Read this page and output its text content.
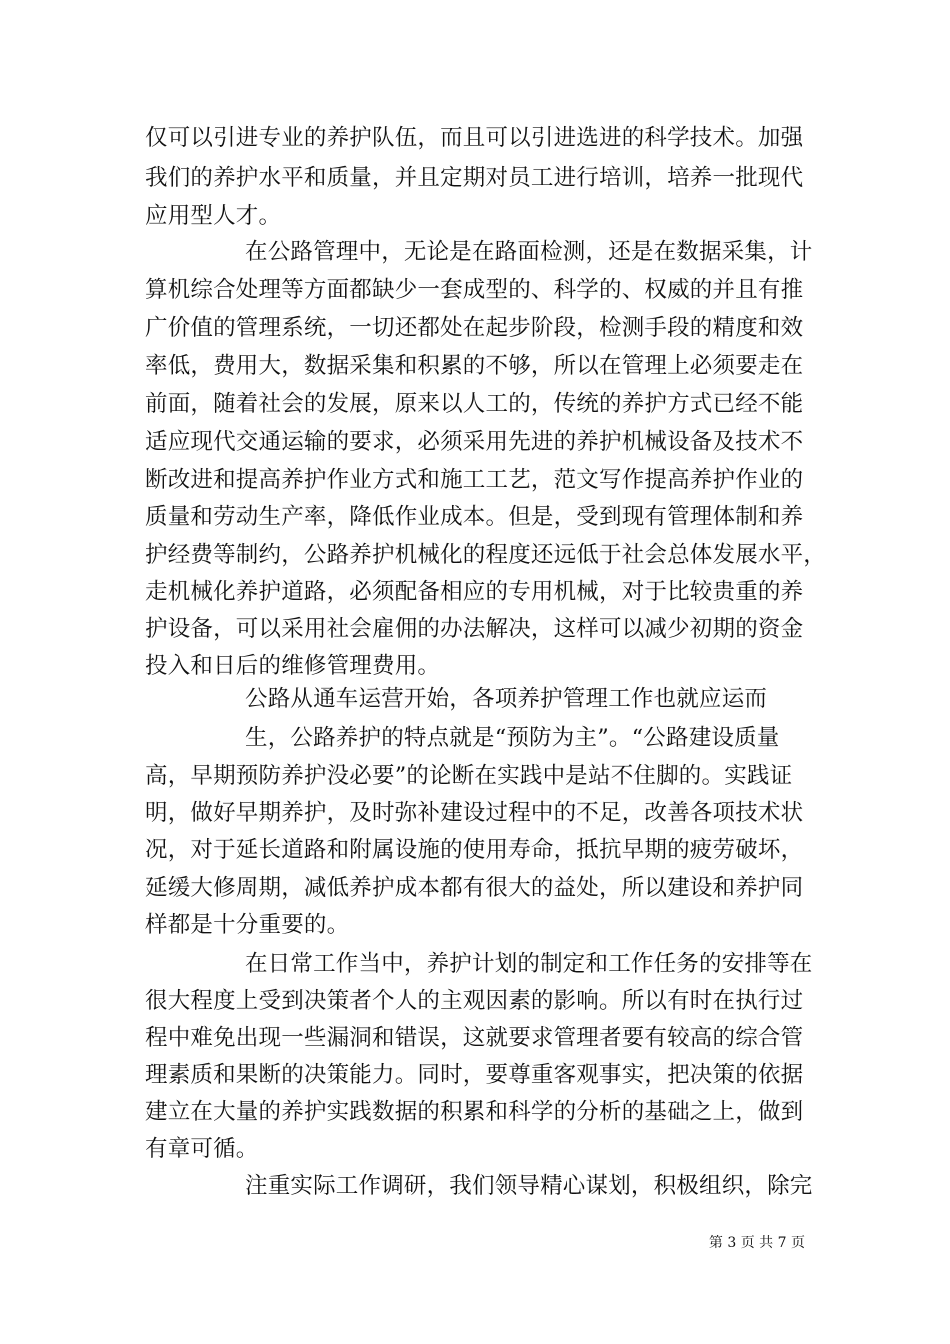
仅可以引进专业的养护队伍，而且可以引进选进的科学技术。加强
我们的养护水平和质量，并且定期对员工进行培训，培养一批现代
应用型人才。
在公路管理中，无论是在路面检测，还是在数据采集，计
算机综合处理等方面都缺少一套成型的、科学的、权威的并且有推
广价值的管理系统，一切还都处在起步阶段，检测手段的精度和效
率低，费用大，数据采集和积累的不够，所以在管理上必须要走在
前面，随着社会的发展，原来以人工的，传统的养护方式已经不能
适应现代交通运输的要求，必须采用先进的养护机械设备及技术不
断改进和提高养护作业方式和施工工艺，范文写作提高养护作业的
质量和劳动生产率，降低作业成本。但是，受到现有管理体制和养
护经费等制约，公路养护机械化的程度还远低于社会总体发展水平，
走机械化养护道路，必须配备相应的专用机械，对于比较贵重的养
护设备，可以采用社会雇佣的办法解决，这样可以减少初期的资金
投入和日后的维修管理费用。
公路从通车运营开始，各项养护管理工作也就应运而
生，公路养护的特点就是“预防为主”。“公路建设质量
高，早期预防养护没必要”的论断在实践中是站不住脚的。实践证
明，做好早期养护，及时弥补建设过程中的不足，改善各项技术状
况，对于延长道路和附属设施的使用寿命，抵抗早期的疲劳破坏，
延缓大修周期，减低养护成本都有很大的益处，所以建设和养护同
样都是十分重要的。
在日常工作当中，养护计划的制定和工作任务的安排等在
很大程度上受到决策者个人的主观因素的影响。所以有时在执行过
程中难免出现一些漏洞和错误，这就要求管理者要有较高的综合管
理素质和果断的决策能力。同时，要尊重客观事实，把决策的依据
建立在大量的养护实践数据的积累和科学的分析的基础之上，做到
有章可循。
注重实际工作调研，我们领导精心谋划，积极组织，除完
第 3 页 共 7 页
